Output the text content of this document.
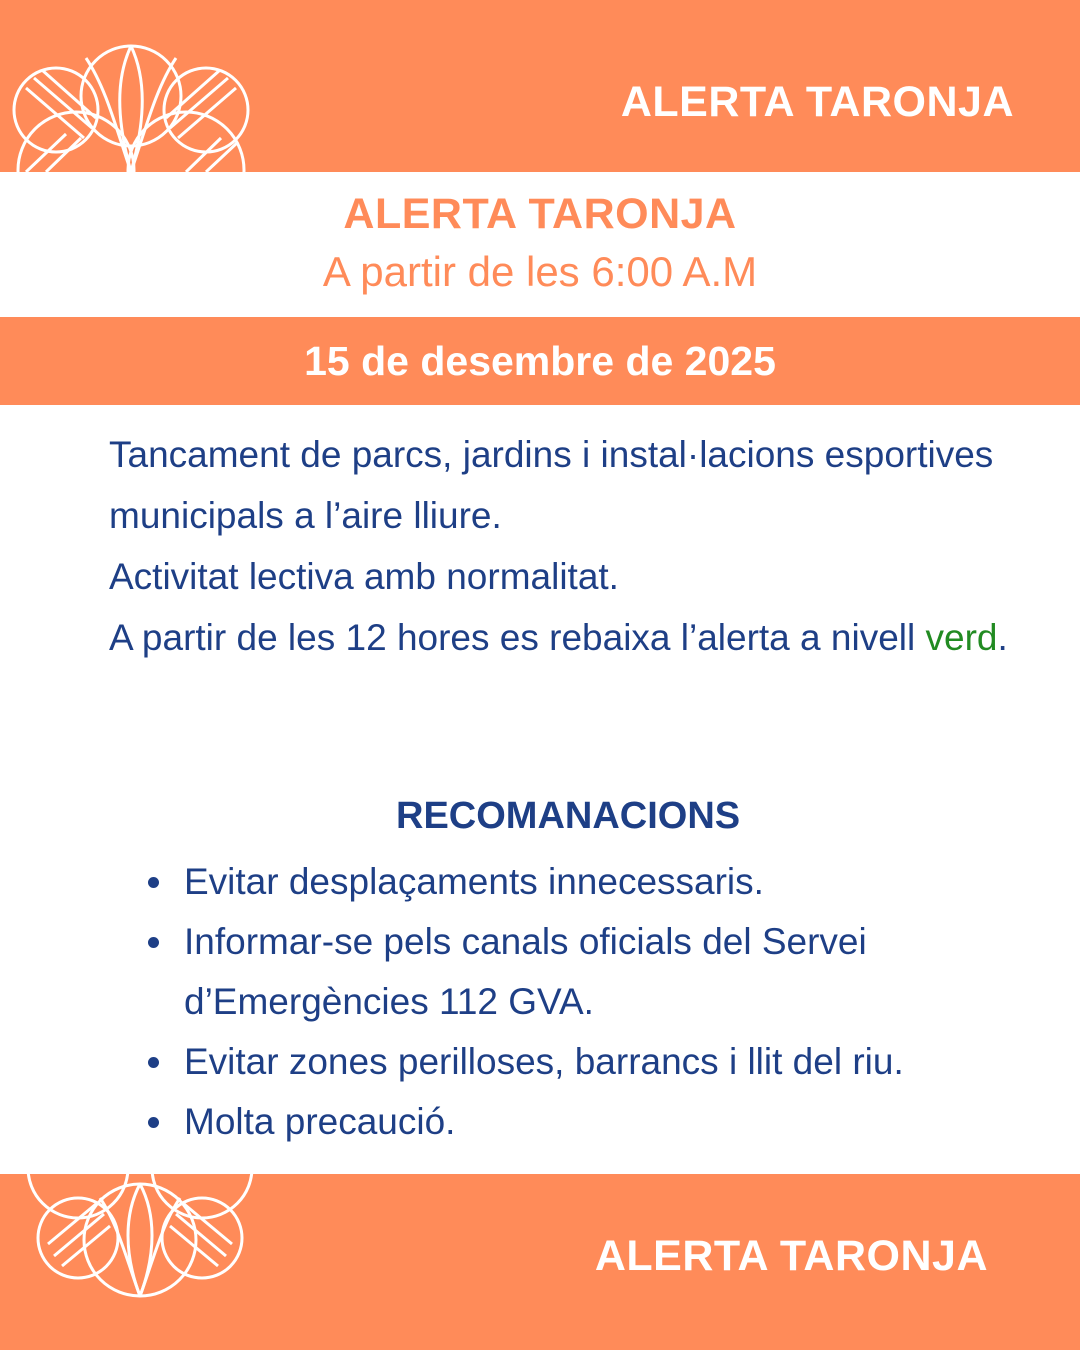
ALERTA TARONJA
ALERTA TARONJA
A partir de les 6:00 A.M
15 de desembre de 2025

Tancament de parcs, jardins i instal·lacions esportives municipals a l’aire lliure.

Activitat lectiva amb normalitat.

A partir de les 12 hores es rebaixa l’alerta a nivell verd.

RECOMANACIONS
Evitar desplaçaments innecessaris.
Informar-se pels canals oficials del Servei d’Emergències 112 GVA.
Evitar zones perilloses, barrancs i llit del riu.
Molta precaució.
ALERTA TARONJA
